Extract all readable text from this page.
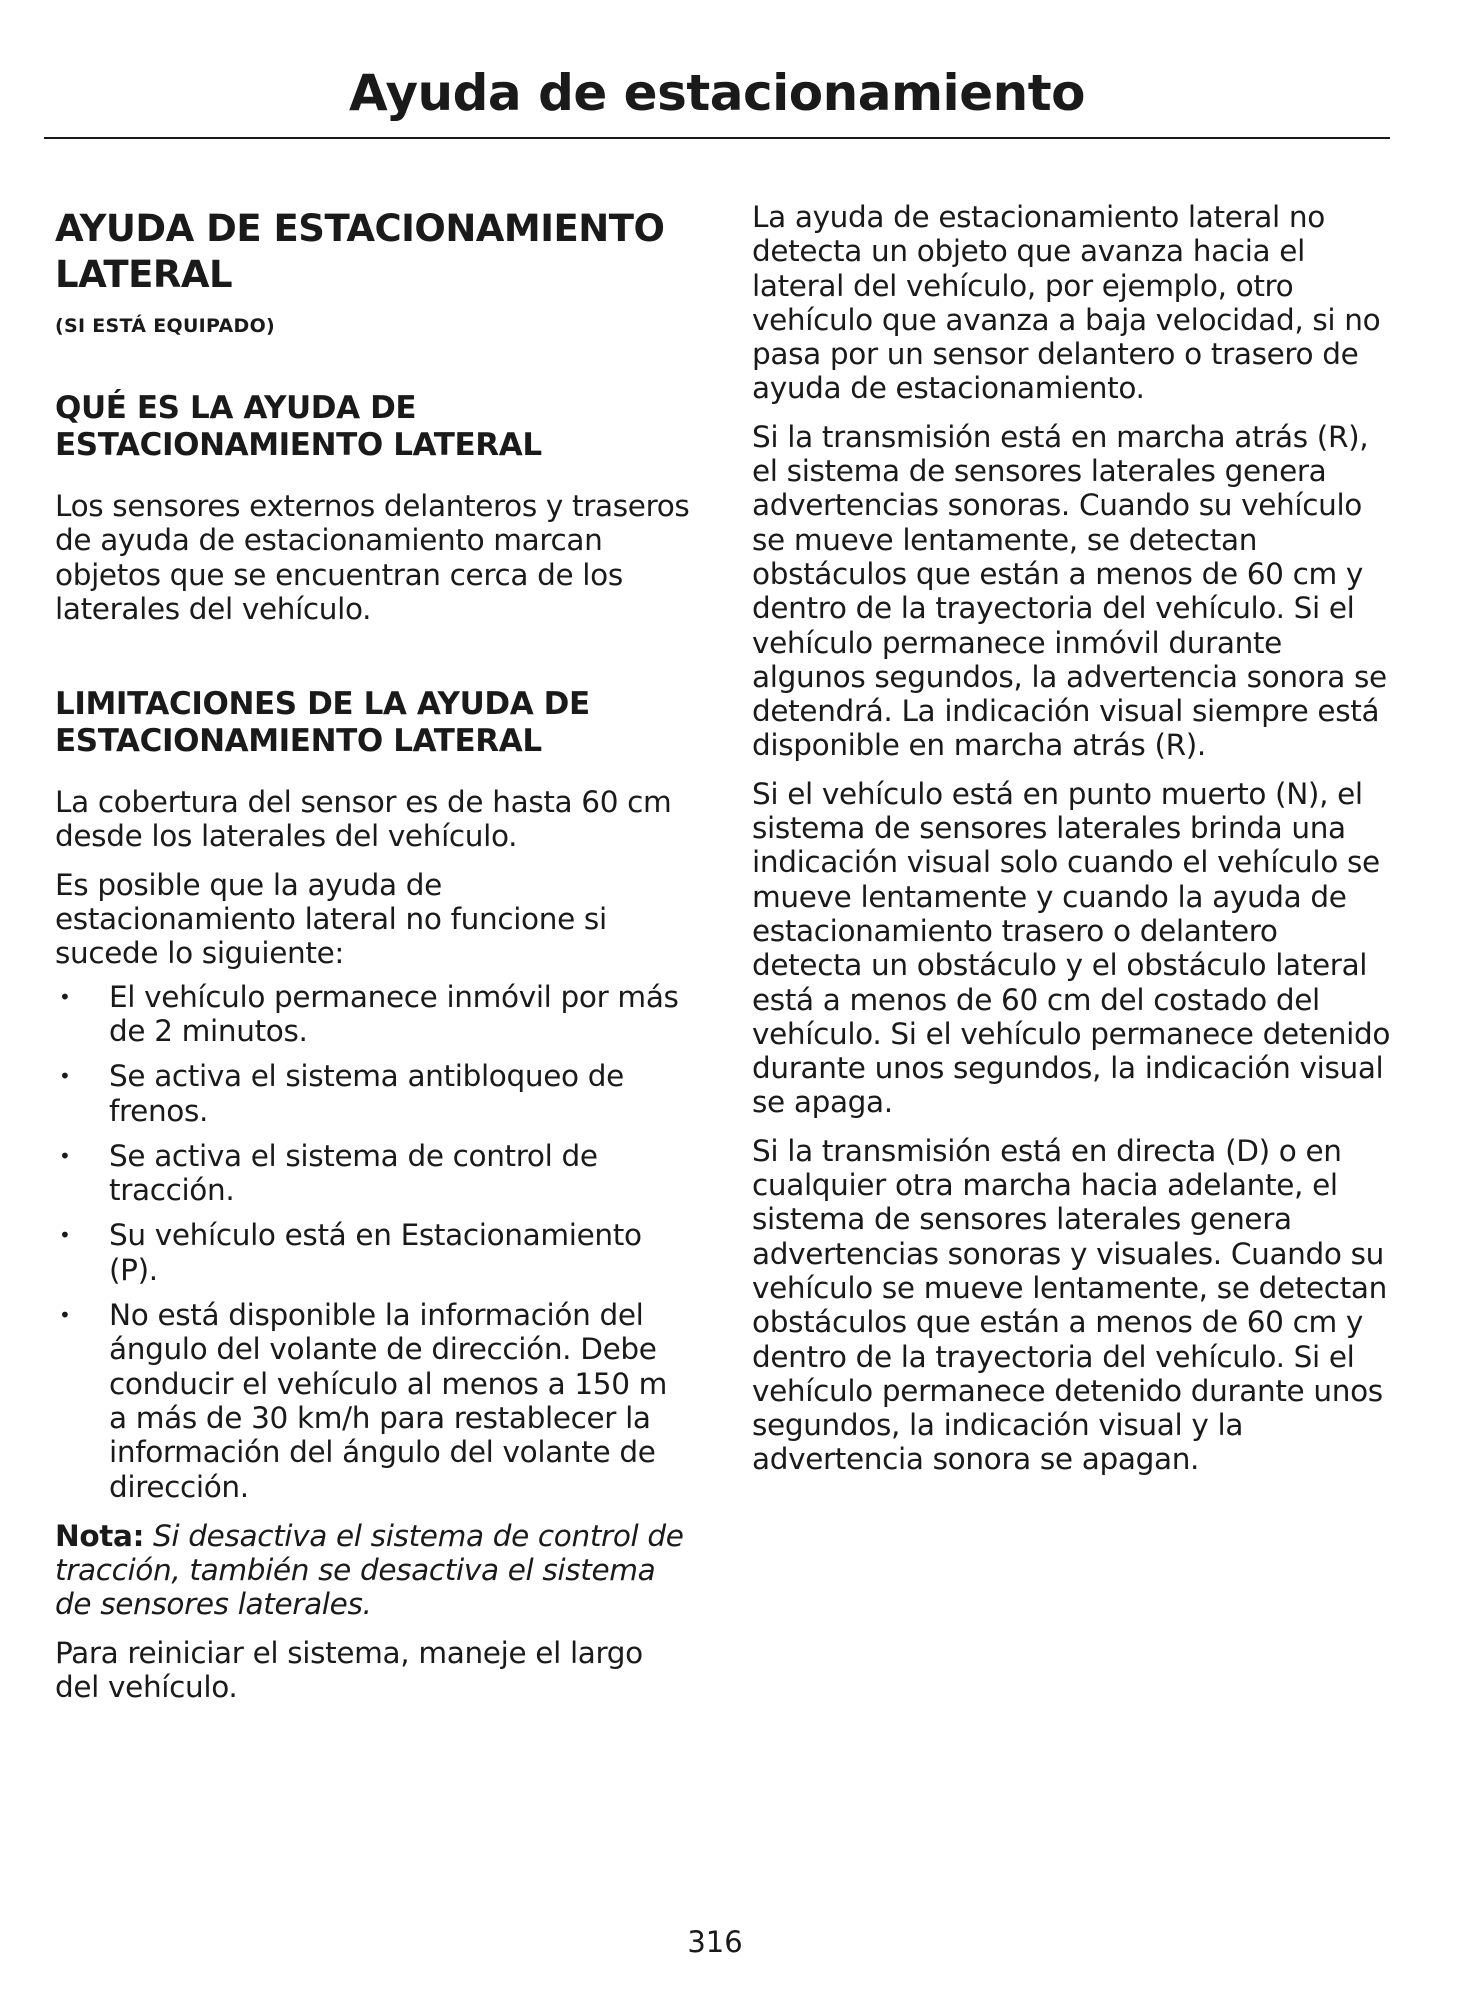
Ayuda de estacionamiento
AYUDA DE ESTACIONAMIENTO LATERAL
(SI ESTÁ EQUIPADO)
QUÉ ES LA AYUDA DE ESTACIONAMIENTO LATERAL

Los sensores externos delanteros y traseros de ayuda de estacionamiento marcan objetos que se encuentran cerca de los laterales del vehículo.

LIMITACIONES DE LA AYUDA DE ESTACIONAMIENTO LATERAL

La cobertura del sensor es de hasta 60 cm desde los laterales del vehículo.

Es posible que la ayuda de estacionamiento lateral no funcione si sucede lo siguiente:

• El vehículo permanece inmóvil por más de 2 minutos.
• Se activa el sistema antibloqueo de frenos.
• Se activa el sistema de control de tracción.
• Su vehículo está en Estacionamiento (P).
• No está disponible la información del ángulo del volante de dirección. Debe conducir el vehículo al menos a 150 m a más de 30 km/h para restablecer la información del ángulo del volante de dirección.

Nota: Si desactiva el sistema de control de tracción, también se desactiva el sistema de sensores laterales.

Para reiniciar el sistema, maneje el largo del vehículo.

La ayuda de estacionamiento lateral no detecta un objeto que avanza hacia el lateral del vehículo, por ejemplo, otro vehículo que avanza a baja velocidad, si no pasa por un sensor delantero o trasero de ayuda de estacionamiento.

Si la transmisión está en marcha atrás (R), el sistema de sensores laterales genera advertencias sonoras. Cuando su vehículo se mueve lentamente, se detectan obstáculos que están a menos de 60 cm y dentro de la trayectoria del vehículo. Si el vehículo permanece inmóvil durante algunos segundos, la advertencia sonora se detendrá. La indicación visual siempre está disponible en marcha atrás (R).

Si el vehículo está en punto muerto (N), el sistema de sensores laterales brinda una indicación visual solo cuando el vehículo se mueve lentamente y cuando la ayuda de estacionamiento trasero o delantero detecta un obstáculo y el obstáculo lateral está a menos de 60 cm del costado del vehículo. Si el vehículo permanece detenido durante unos segundos, la indicación visual se apaga.

Si la transmisión está en directa (D) o en cualquier otra marcha hacia adelante, el sistema de sensores laterales genera advertencias sonoras y visuales. Cuando su vehículo se mueve lentamente, se detectan obstáculos que están a menos de 60 cm y dentro de la trayectoria del vehículo. Si el vehículo permanece detenido durante unos segundos, la indicación visual y la advertencia sonora se apagan.

316
